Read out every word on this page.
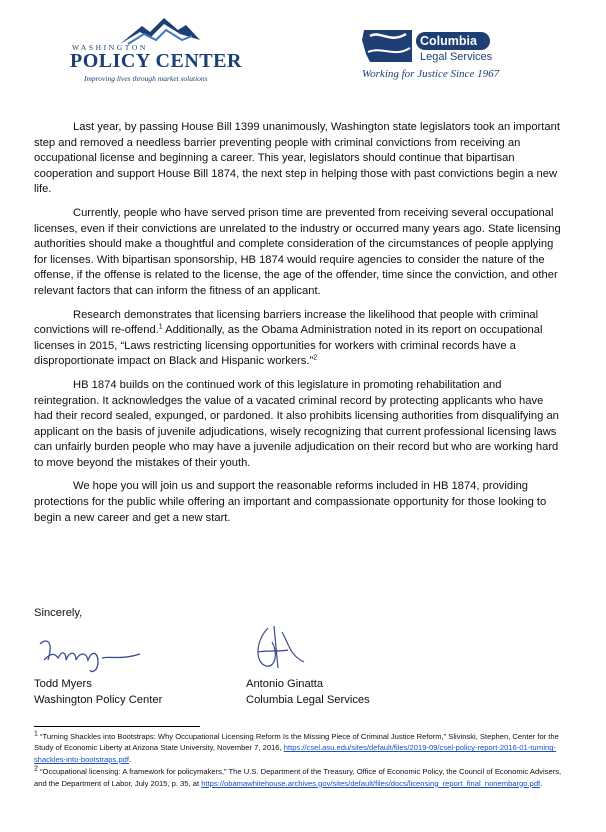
WASHINGTON
POLICY CENTER
Improving lives through market solutions
Columbia
Legal Services
Working for Justice Since 1967

Last year, by passing House Bill 1399 unanimously, Washington state legislators took an important step and removed a needless barrier preventing people with criminal convictions from receiving an occupational license and beginning a career. This year, legislators should continue that bipartisan cooperation and support House Bill 1874, the next step in helping those with past convictions begin a new life.

Currently, people who have served prison time are prevented from receiving several occupational licenses, even if their convictions are unrelated to the industry or occurred many years ago. State licensing authorities should make a thoughtful and complete consideration of the circumstances of people applying for licenses. With bipartisan sponsorship, HB 1874 would require agencies to consider the nature of the offense, if the offense is related to the license, the age of the offender, time since the conviction, and other relevant factors that can inform the fitness of an applicant.

Research demonstrates that licensing barriers increase the likelihood that people with criminal convictions will re-offend.$^1$ Additionally, as the Obama Administration noted in its report on occupational licenses in 2015, “Laws restricting licensing opportunities for workers with criminal records have a disproportionate impact on Black and Hispanic workers.”$^2$

HB 1874 builds on the continued work of this legislature in promoting rehabilitation and reintegration. It acknowledges the value of a vacated criminal record by protecting applicants who have had their record sealed, expunged, or pardoned. It also prohibits licensing authorities from disqualifying an applicant on the basis of juvenile adjudications, wisely recognizing that current professional licensing laws can unfairly burden people who may have a juvenile adjudication on their record but who are working hard to move beyond the mistakes of their youth.

We hope you will join us and support the reasonable reforms included in HB 1874, providing protections for the public while offering an important and compassionate opportunity for those looking to begin a new career and get a new start.

Sincerely,
Todd Myers
Washington Policy Center
Antonio Ginatta
Columbia Legal Services

$^1$ “Turning Shackles into Bootstraps: Why Occupational Licensing Reform Is the Missing Piece of Criminal Justice Reform,” Slivinski, Stephen, Center for the Study of Economic Liberty at Arizona State University, November 7, 2016, https://csel.asu.edu/sites/default/files/2019-09/csel-policy-report-2016-01-turning-shackles-into-bootstraps.pdf.

$^2$ “Occupational licensing: A framework for policymakers,” The U.S. Department of the Treasury, Office of Economic Policy, the Council of Economic Advisers, and the Department of Labor, July 2015, p. 35, at https://obamawhitehouse.archives.gov/sites/default/files/docs/licensing_report_final_nonembargo.pdf.
